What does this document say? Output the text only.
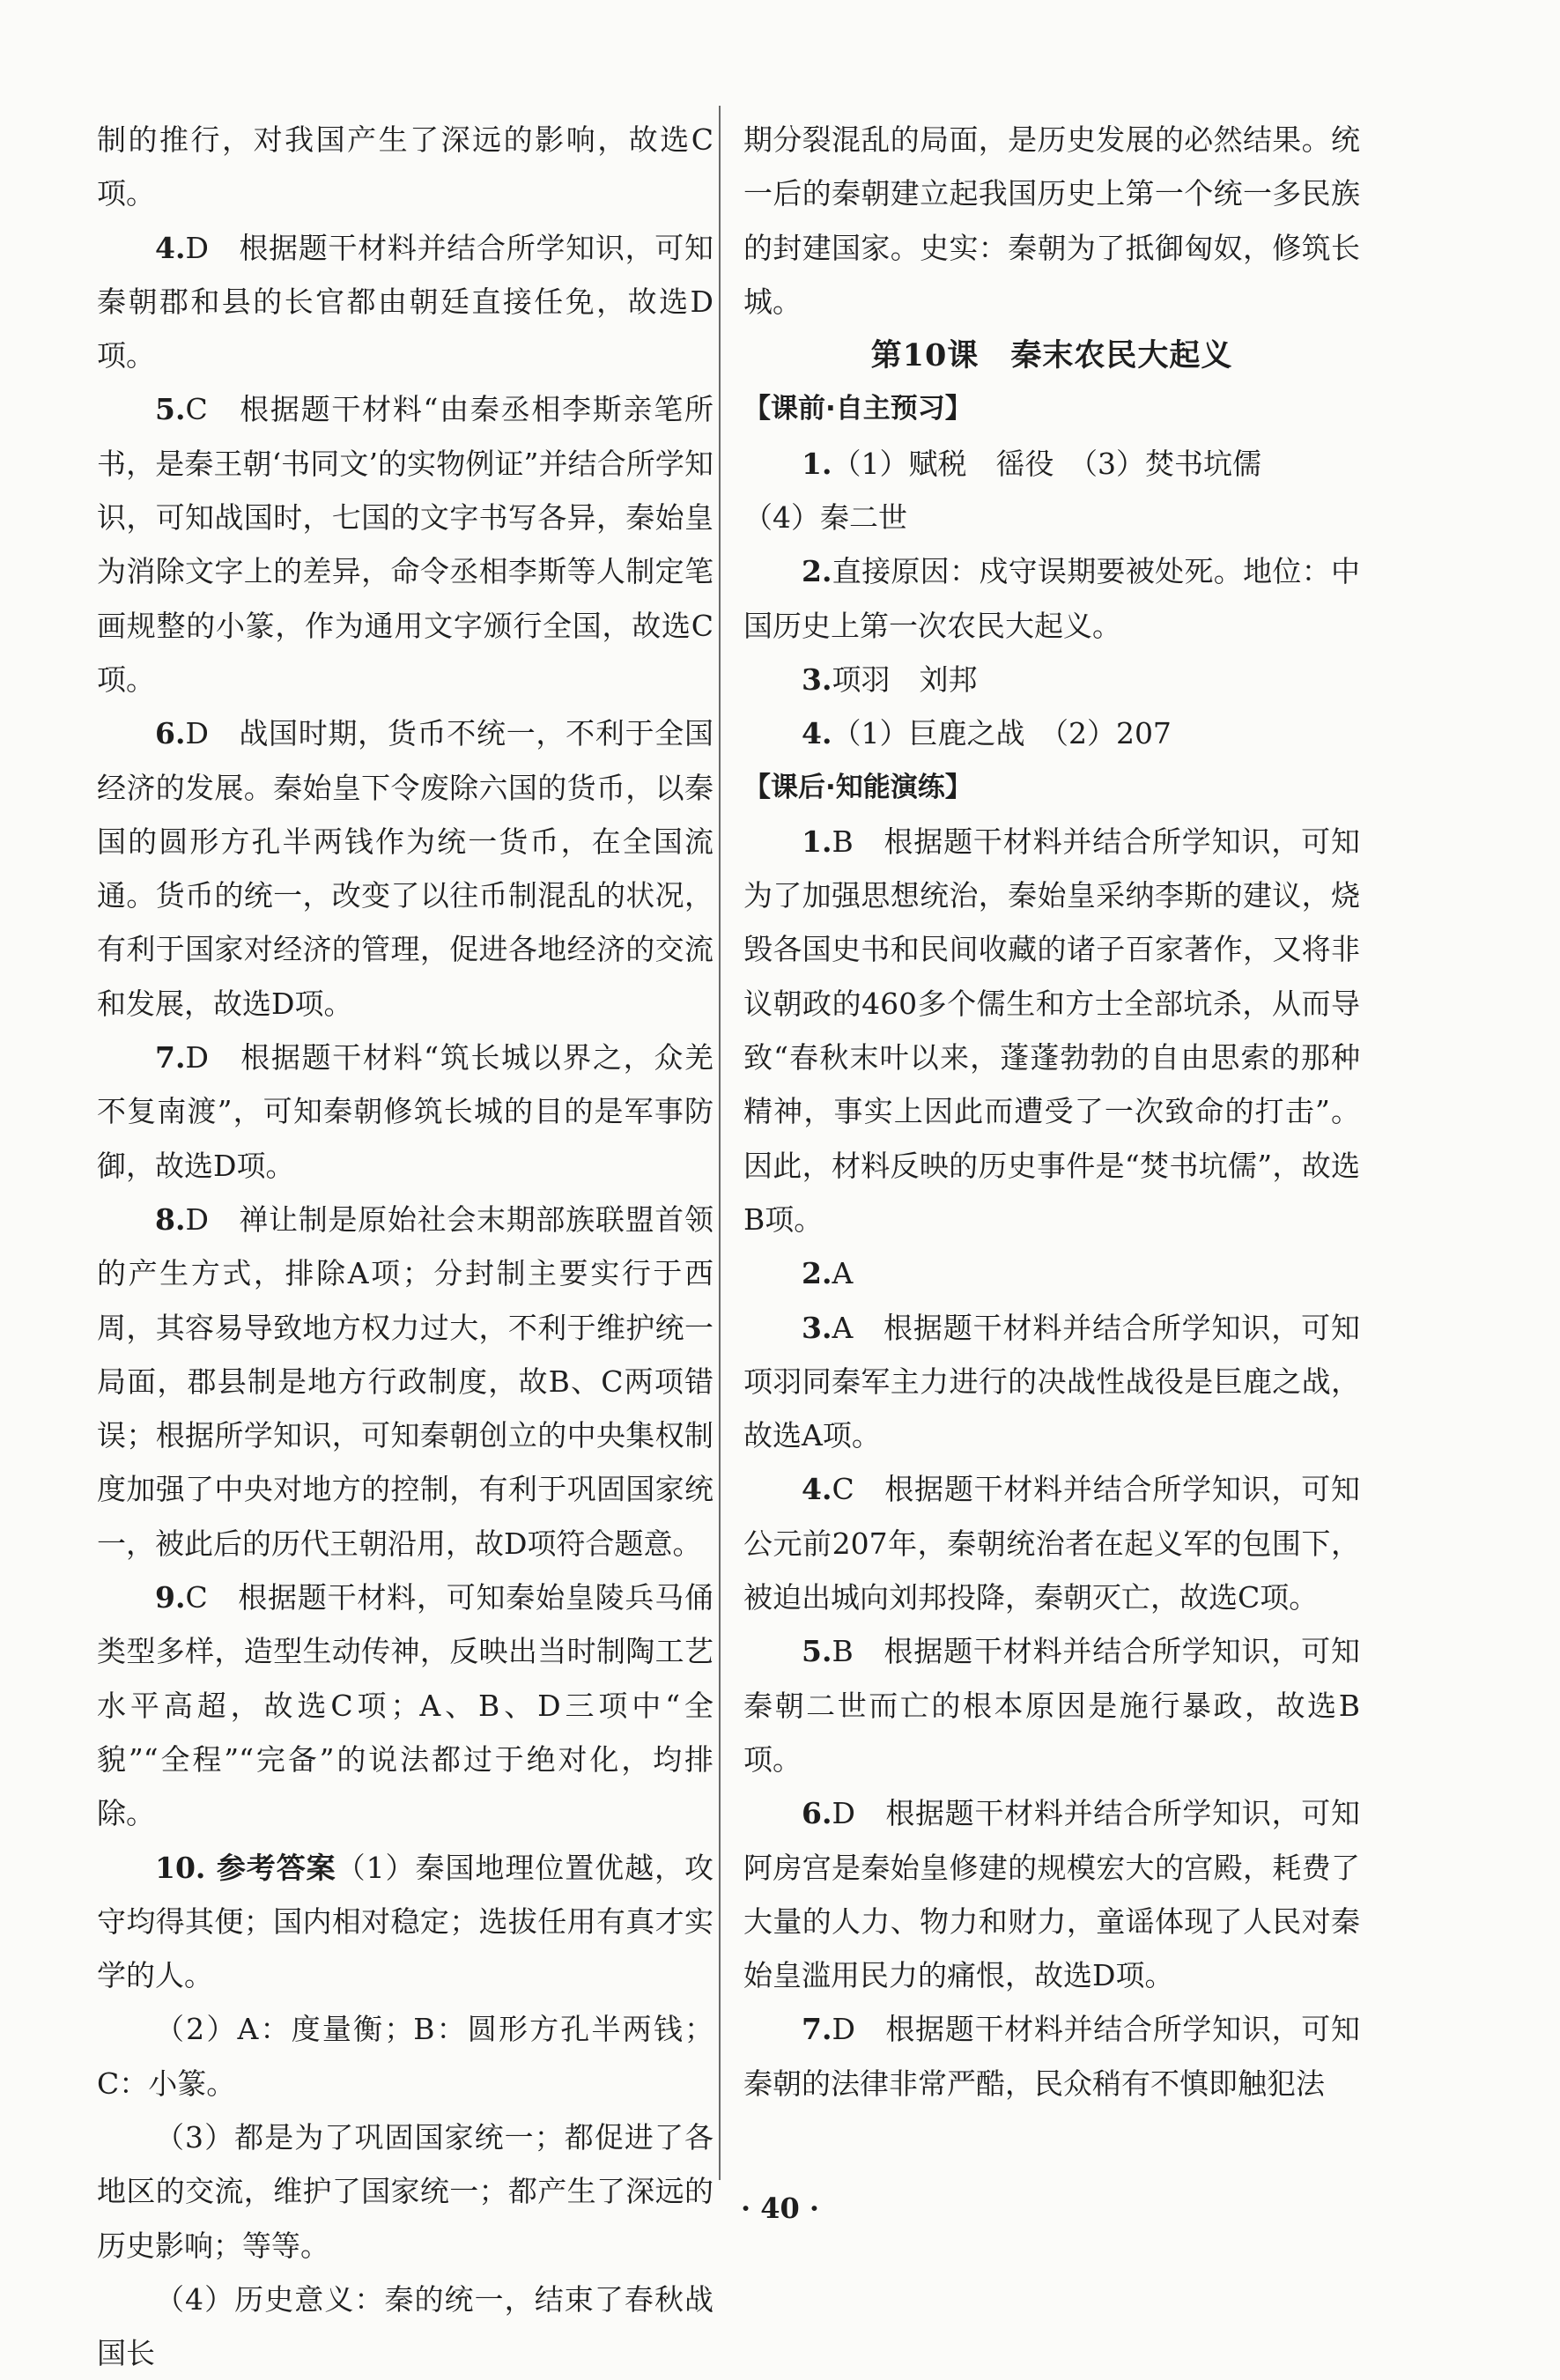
制的推行，对我国产生了深远的影响，故选C项。

4.D　根据题干材料并结合所学知识，可知秦朝郡和县的长官都由朝廷直接任免，故选D项。

5.C　根据题干材料“由秦丞相李斯亲笔所书，是秦王朝‘书同文’的实物例证”并结合所学知识，可知战国时，七国的文字书写各异，秦始皇为消除文字上的差异，命令丞相李斯等人制定笔画规整的小篆，作为通用文字颁行全国，故选C项。

6.D　战国时期，货币不统一，不利于全国经济的发展。秦始皇下令废除六国的货币，以秦国的圆形方孔半两钱作为统一货币，在全国流通。货币的统一，改变了以往币制混乱的状况，有利于国家对经济的管理，促进各地经济的交流和发展，故选D项。

7.D　根据题干材料“筑长城以界之，众羌不复南渡”，可知秦朝修筑长城的目的是军事防御，故选D项。

8.D　禅让制是原始社会末期部族联盟首领的产生方式，排除A项；分封制主要实行于西周，其容易导致地方权力过大，不利于维护统一局面，郡县制是地方行政制度，故B、C两项错误；根据所学知识，可知秦朝创立的中央集权制度加强了中央对地方的控制，有利于巩固国家统一，被此后的历代王朝沿用，故D项符合题意。

9.C　根据题干材料，可知秦始皇陵兵马俑类型多样，造型生动传神，反映出当时制陶工艺水平高超，故选C项；A、B、D三项中“全貌”“全程”“完备”的说法都过于绝对化，均排除。

10. 参考答案（1）秦国地理位置优越，攻守均得其便；国内相对稳定；选拔任用有真才实学的人。

（2）A：度量衡；B：圆形方孔半两钱；C：小篆。

（3）都是为了巩固国家统一；都促进了各地区的交流，维护了国家统一；都产生了深远的历史影响；等等。

（4）历史意义：秦的统一，结束了春秋战国长

期分裂混乱的局面，是历史发展的必然结果。统一后的秦朝建立起我国历史上第一个统一多民族的封建国家。史实：秦朝为了抵御匈奴，修筑长城。

第10课　秦末农民大起义

【课前·自主预习】

1.（1）赋税　徭役　（3）焚书坑儒

（4）秦二世

2.直接原因：戍守误期要被处死。地位：中国历史上第一次农民大起义。

3.项羽　刘邦

4.（1）巨鹿之战　（2）207

【课后·知能演练】

1.B　根据题干材料并结合所学知识，可知为了加强思想统治，秦始皇采纳李斯的建议，烧毁各国史书和民间收藏的诸子百家著作，又将非议朝政的460多个儒生和方士全部坑杀，从而导致“春秋末叶以来，蓬蓬勃勃的自由思索的那种精神，事实上因此而遭受了一次致命的打击”。因此，材料反映的历史事件是“焚书坑儒”，故选B项。

2.A

3.A　根据题干材料并结合所学知识，可知项羽同秦军主力进行的决战性战役是巨鹿之战，故选A项。

4.C　根据题干材料并结合所学知识，可知公元前207年，秦朝统治者在起义军的包围下，被迫出城向刘邦投降，秦朝灭亡，故选C项。

5.B　根据题干材料并结合所学知识，可知秦朝二世而亡的根本原因是施行暴政，故选B项。

6.D　根据题干材料并结合所学知识，可知阿房宫是秦始皇修建的规模宏大的宫殿，耗费了大量的人力、物力和财力，童谣体现了人民对秦始皇滥用民力的痛恨，故选D项。

7.D　根据题干材料并结合所学知识，可知秦朝的法律非常严酷，民众稍有不慎即触犯法

· 40 ·
